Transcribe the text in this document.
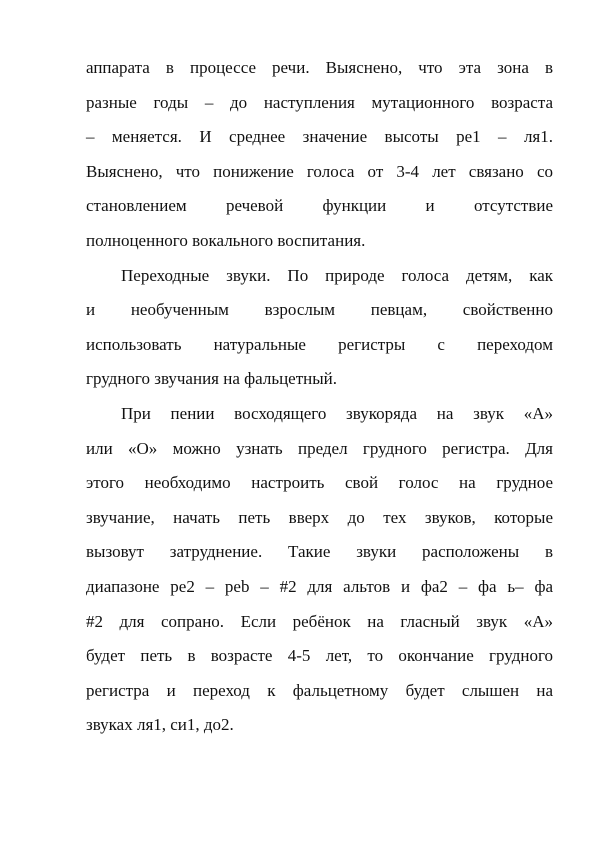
аппарата в процессе речи. Выяснено, что эта зона в
разные годы – до наступления мутационного возраста
– меняется. И среднее значение высоты ре1 – ля1.
Выяснено, что понижение голоса от 3-4 лет связано со
становлением речевой функции и отсутствие
полноценного вокального воспитания.
Переходные звуки. По природе голоса детям, как
и необученным взрослым певцам, свойственно
использовать натуральные регистры с переходом
грудного звучания на фальцетный.
При пении восходящего звукоряда на звук «А»
или «О» можно узнать предел грудного регистра. Для
этого необходимо настроить свой голос на грудное
звучание, начать петь вверх до тех звуков, которые
вызовут затруднение. Такие звуки расположены в
диапазоне ре2 – реb – #2 для альтов и фа2 – фа ь– фа
#2 для сопрано. Если ребёнок на гласный звук «А»
будет петь в возрасте 4-5 лет, то окончание грудного
регистра и переход к фальцетному будет слышен на
звуках ля1, си1, до2.
